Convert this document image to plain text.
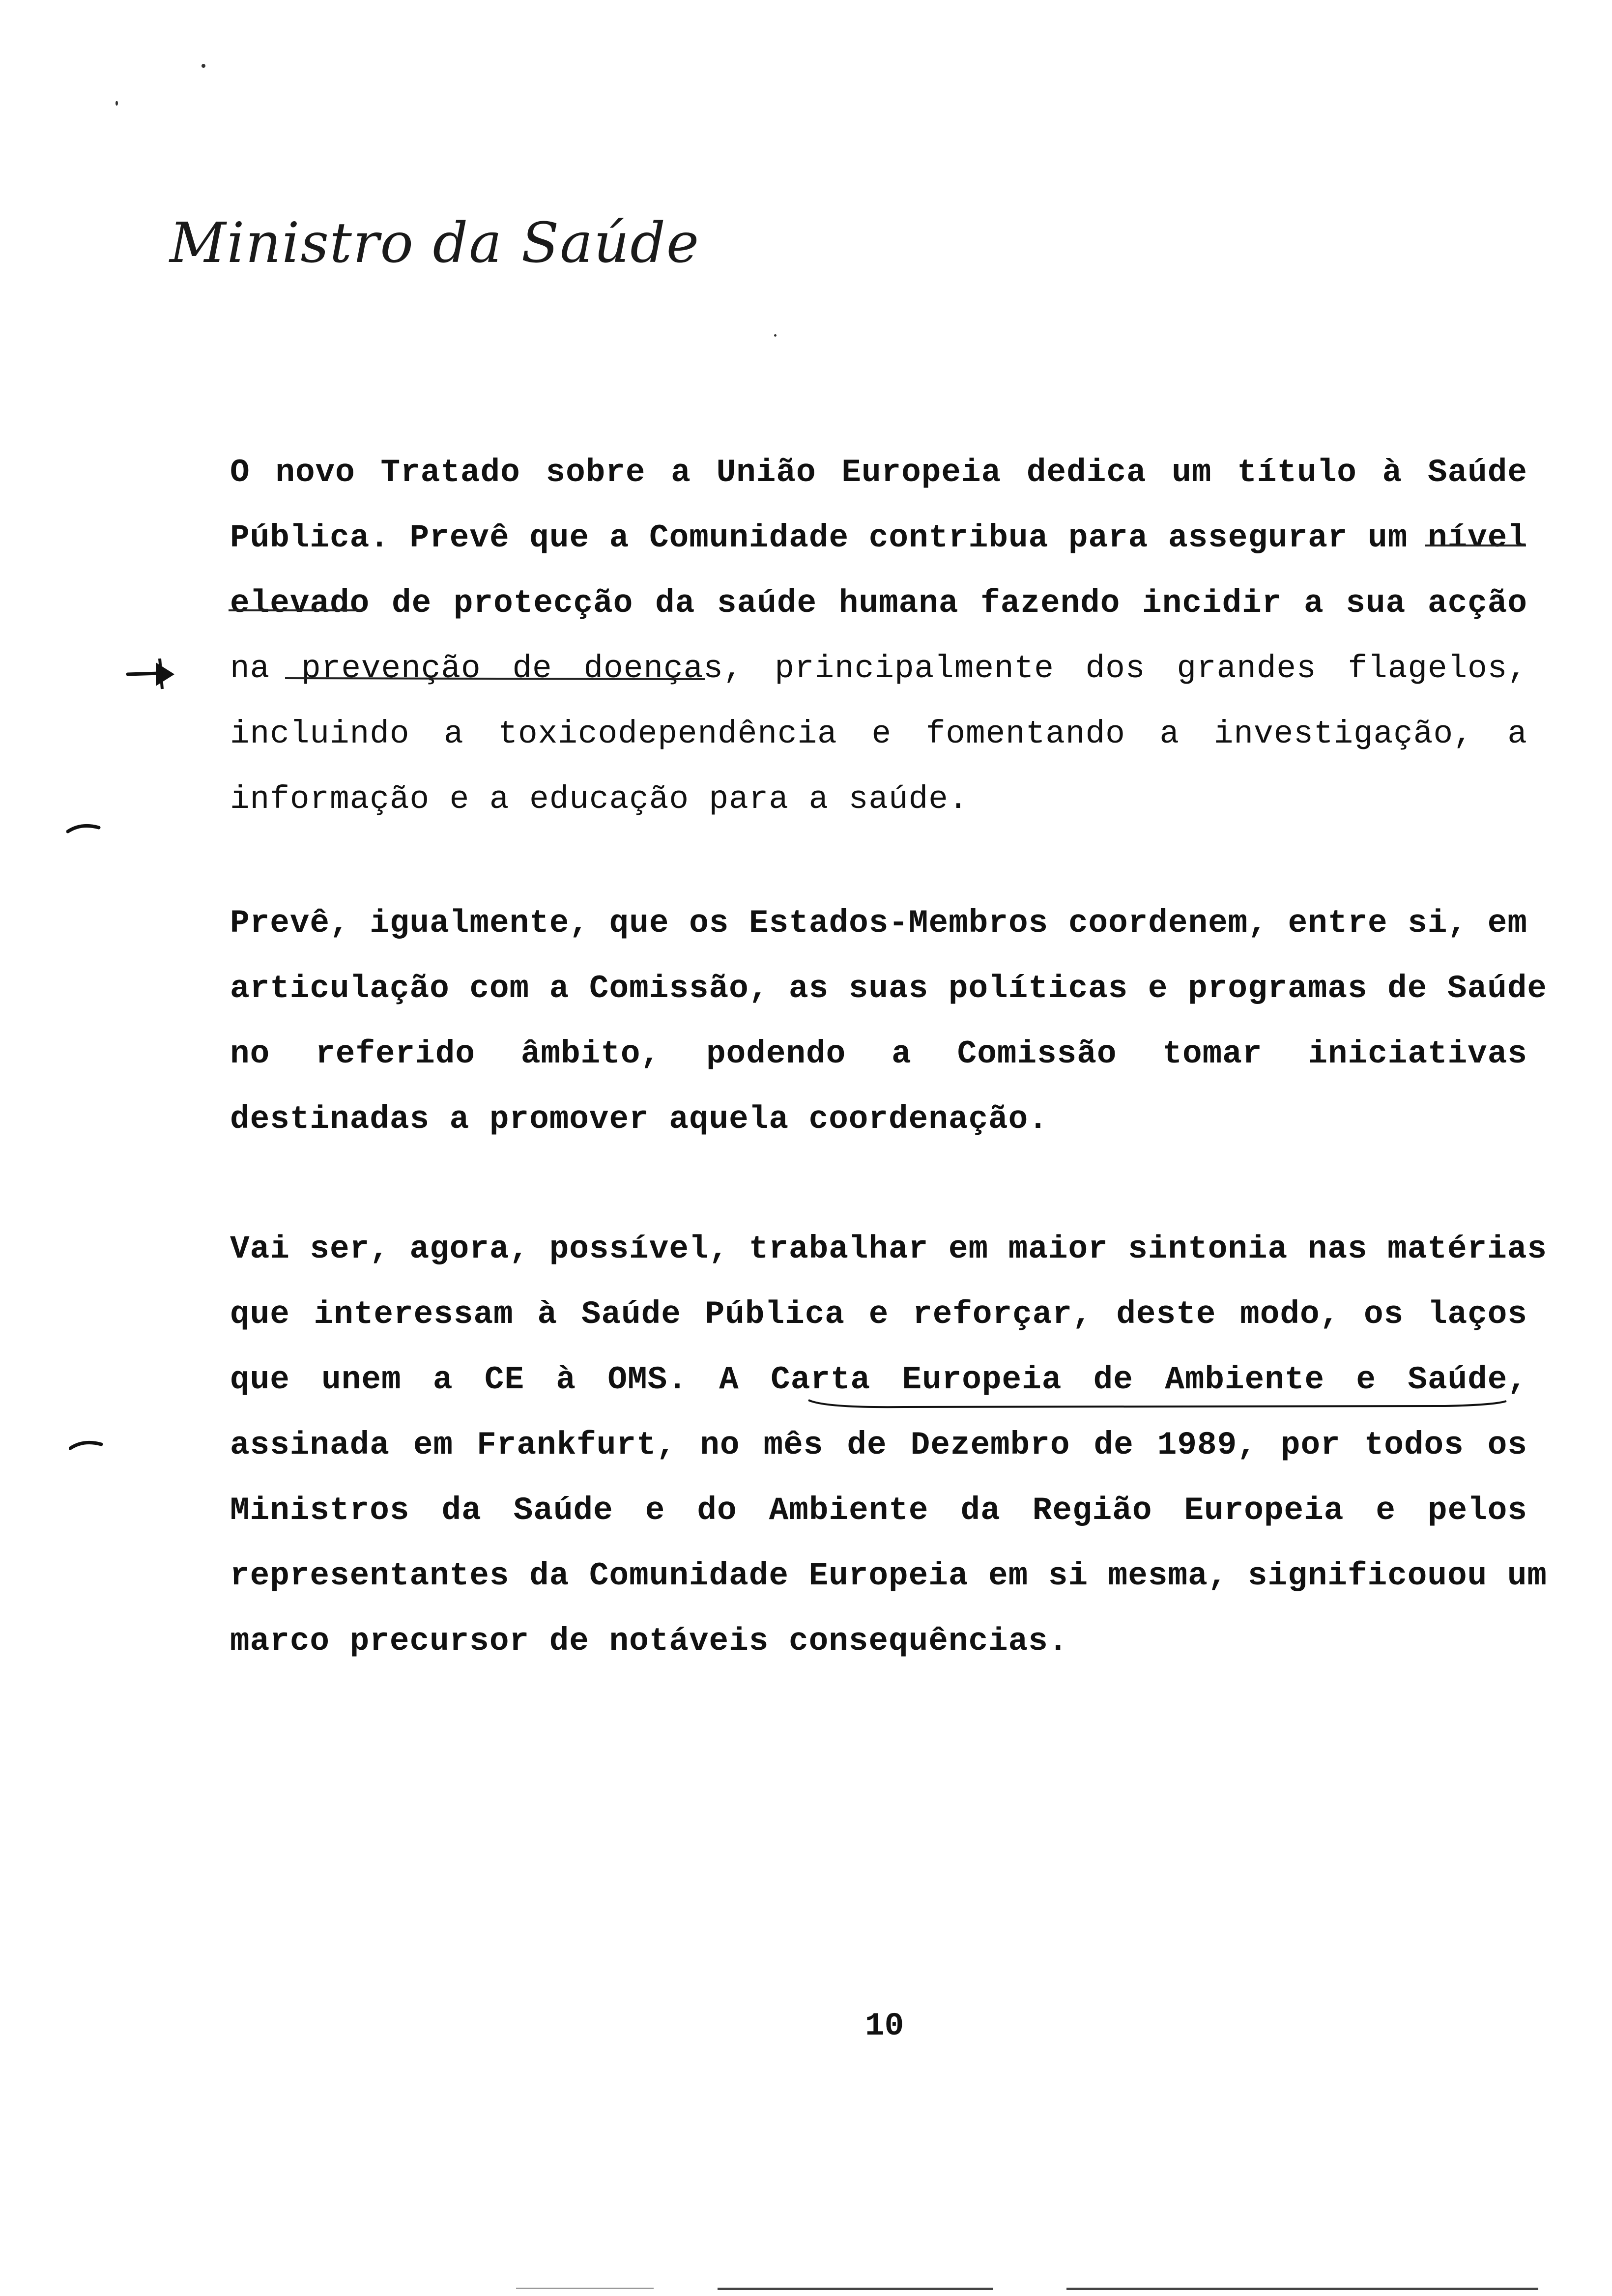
Ministro da Saúde
O novo Tratado sobre a União Europeia dedica um título à Saúde
Pública. Prevê que a Comunidade contribua para assegurar um nível
elevado de protecção da saúde humana fazendo incidir a sua acção
na prevenção de doenças, principalmente dos grandes flagelos,
incluindo a toxicodependência e fomentando a investigação, a
informação e a educação para a saúde.
Prevê, igualmente, que os Estados-Membros coordenem, entre si, em
articulação com a Comissão, as suas políticas e programas de Saúde
no referido âmbito, podendo a Comissão tomar iniciativas
destinadas a promover aquela coordenação.
Vai ser, agora, possível, trabalhar em maior sintonia nas matérias
que interessam à Saúde Pública e reforçar, deste modo, os laços
que unem a CE à OMS. A Carta Europeia de Ambiente e Saúde,
assinada em Frankfurt, no mês de Dezembro de 1989, por todos os
Ministros da Saúde e do Ambiente da Região Europeia e pelos
representantes da Comunidade Europeia em si mesma, significouou um
marco precursor de notáveis consequências.
10
